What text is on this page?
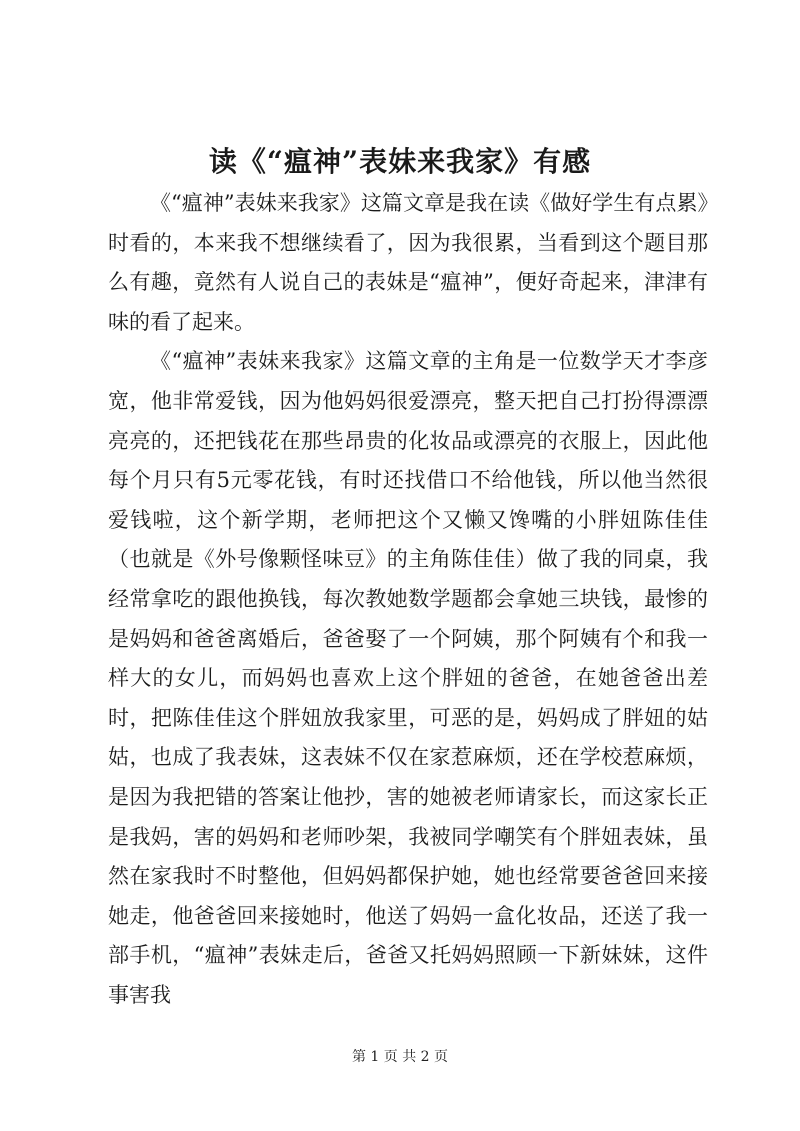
读《“瘟神”表妹来我家》有感

《“瘟神”表妹来我家》这篇文章是我在读《做好学生有点累》时看的，本来我不想继续看了，因为我很累，当看到这个题目那么有趣，竟然有人说自己的表妹是“瘟神”，便好奇起来，津津有味的看了起来。

《“瘟神”表妹来我家》这篇文章的主角是一位数学天才李彦宽，他非常爱钱，因为他妈妈很爱漂亮，整天把自己打扮得漂漂亮亮的，还把钱花在那些昂贵的化妆品或漂亮的衣服上，因此他每个月只有5元零花钱，有时还找借口不给他钱，所以他当然很爱钱啦，这个新学期，老师把这个又懒又馋嘴的小胖妞陈佳佳（也就是《外号像颗怪味豆》的主角陈佳佳）做了我的同桌，我经常拿吃的跟他换钱，每次教她数学题都会拿她三块钱，最惨的是妈妈和爸爸离婚后，爸爸娶了一个阿姨，那个阿姨有个和我一样大的女儿，而妈妈也喜欢上这个胖妞的爸爸，在她爸爸出差时，把陈佳佳这个胖妞放我家里，可恶的是，妈妈成了胖妞的姑姑，也成了我表妹，这表妹不仅在家惹麻烦，还在学校惹麻烦，是因为我把错的答案让他抄，害的她被老师请家长，而这家长正是我妈，害的妈妈和老师吵架，我被同学嘲笑有个胖妞表妹，虽然在家我时不时整他，但妈妈都保护她，她也经常要爸爸回来接她走，他爸爸回来接她时，他送了妈妈一盒化妆品，还送了我一部手机，“瘟神”表妹走后，爸爸又托妈妈照顾一下新妹妹，这件事害我

第 1 页 共 2 页
